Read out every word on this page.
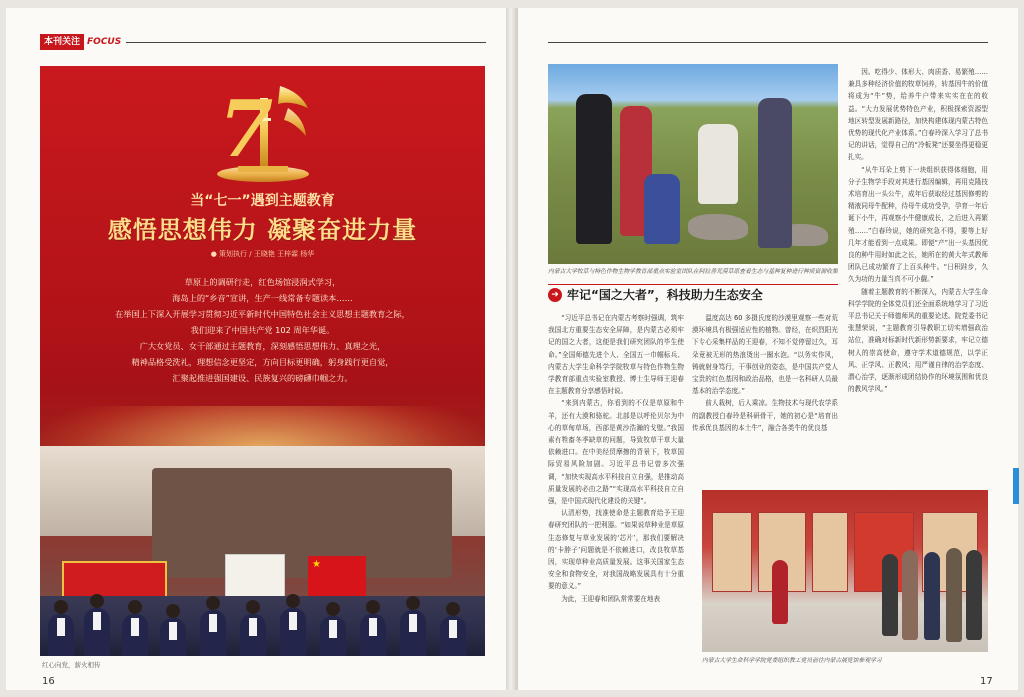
本刊关注 FOCUS
7
当“七一”遇到主题教育
感悟思想伟力 凝聚奋进力量
● 策划执行 / 王晓艳 王梓霖 杨华
草原上的调研行走，红色场馆浸润式学习，
海岛上的“乡音”宣讲，生产一线常备专题读本……
在举国上下深入开展学习贯彻习近平新时代中国特色社会主义思想主题教育之际，
我们迎来了中国共产党 102 周年华诞。
广大女党员、女干部通过主题教育，深刻感悟思想伟力、真理之光，
精神品格受洗礼，理想信念更坚定，方向目标更明确，躬身践行更自觉，
汇聚起推进强国建设、民族复兴的磅礴巾帼之力。
★
红心向党，薪火相传
16
内蒙古大学牧草与特色作物生物学教育部重点实验室团队在阿拉善荒漠草原查看生态与基种复种进行种质资源收集
➜ 牢记“国之大者”，科技助力生态安全

“习近平总书记在内蒙古考察时强调，筑牢我国北方重要生态安全屏障，是内蒙古必须牢记的国之大者，这便是我们研究团队的毕生使命。”全国师德先进个人、全国五一巾帼标兵、内蒙古大学生命科学学院牧草与特色作物生物学教育部重点实验室教授、博士生导师王迎春在主题教育分享感悟时说。

“来到内蒙古，你看到的不仅是草原和牛羊，还有大漠和骆驼。北部是以呼伦贝尔为中心的草甸草场，西部是黄沙浩瀚的戈壁。”我国素有牲畜冬季缺草的问题，导致牧草干草大量依赖进口。在中美经贸摩擦的背景下，牧草国际贸易风险加剧。习近平总书记曾多次强调，“加快实现高水平科技自立自强，是推动高质量发展的必由之路”“实现高水平科技自立自强，是中国式现代化建设的关键”。

认清形势，找准使命是主题教育给予王迎春研究团队的一把利器。“如果说草种业是草原生态修复与草业发展的‘芯片’，那我们要解决的‘卡脖子’问题就是不依赖进口，改良牧草基因，实现草种业高质量发展。这事关国家生态安全和食物安全，对我国战略发展具有十分重要的意义。”

为此，王迎春和团队常常要在地表

温度高达 60 多摄氏度的沙漠里观察一些对荒漠环境具有极强适应性的植物。曾经，在炽烈阳光下专心采集样品的王迎春，不知不觉停留过久，耳朵竟被无形的热浪烫出一圈水泡。“以务实作风，铸就射身笃行，干事创业的姿态，是中国共产党人宝贵的红色基因和政治品格，也是一名科研人员最基本的治学态度。”

前人栽树，后人乘凉。生物技术与现代农学系的副教授白春玲是科研骨干，她的初心是“培育出传承优良基因的本土牛”，融合各类牛的优良基

因。吃得少、体形大、肉质香、易繁殖……兼具多种经济价值的牧草饲养，转基因牛的价值将成为“牛”势，给养牛户带来实实在在的收益。“大力发展优势特色产业，积极探索资源型地区转型发展新路径，加快构建体现内蒙古特色优势的现代化产业体系。”白春玲深入学习了总书记的讲话，觉得自己的“冷板凳”还要坐得更稳更扎实。

“从牛耳朵上剪下一块组织获得体细胞，用分子生物学手段对其进行基因编辑，再用克隆技术培育出一头公牛，成年后获取经过基因修剪的精液同母牛配种，待母牛成功受孕，孕育一年后诞下小牛，再观察小牛健康成长，之后进入再繁殖……”白春玲说，她的研究急不得，要等上好几年才能看到一点成果。即便“产”出一头基因优良的种牛用时如此之长，她所在的黄大年式教师团队已成功繁育了上百头种牛。“日积跬步，久久为功的力量当真不可小觑。”

随着主题教育的不断深入，内蒙古大学生命科学学院的全体党员们还全面系统地学习了习近平总书记关于师德师风的重要论述。院党委书记张慧荣说，“主题教育引导教职工切实增强政治站位，准确对标新时代新形势新要求，牢记立德树人的崇高使命，遵守学术道德规范，以学正风、正学风、正教风；用严谨自律的治学态度、潜心治学，逐渐形成团结协作的环境氛围和优良的教风学风。”

内蒙古大学生命科学学院党委组织教工党员前往内蒙古展览馆参观学习
17
